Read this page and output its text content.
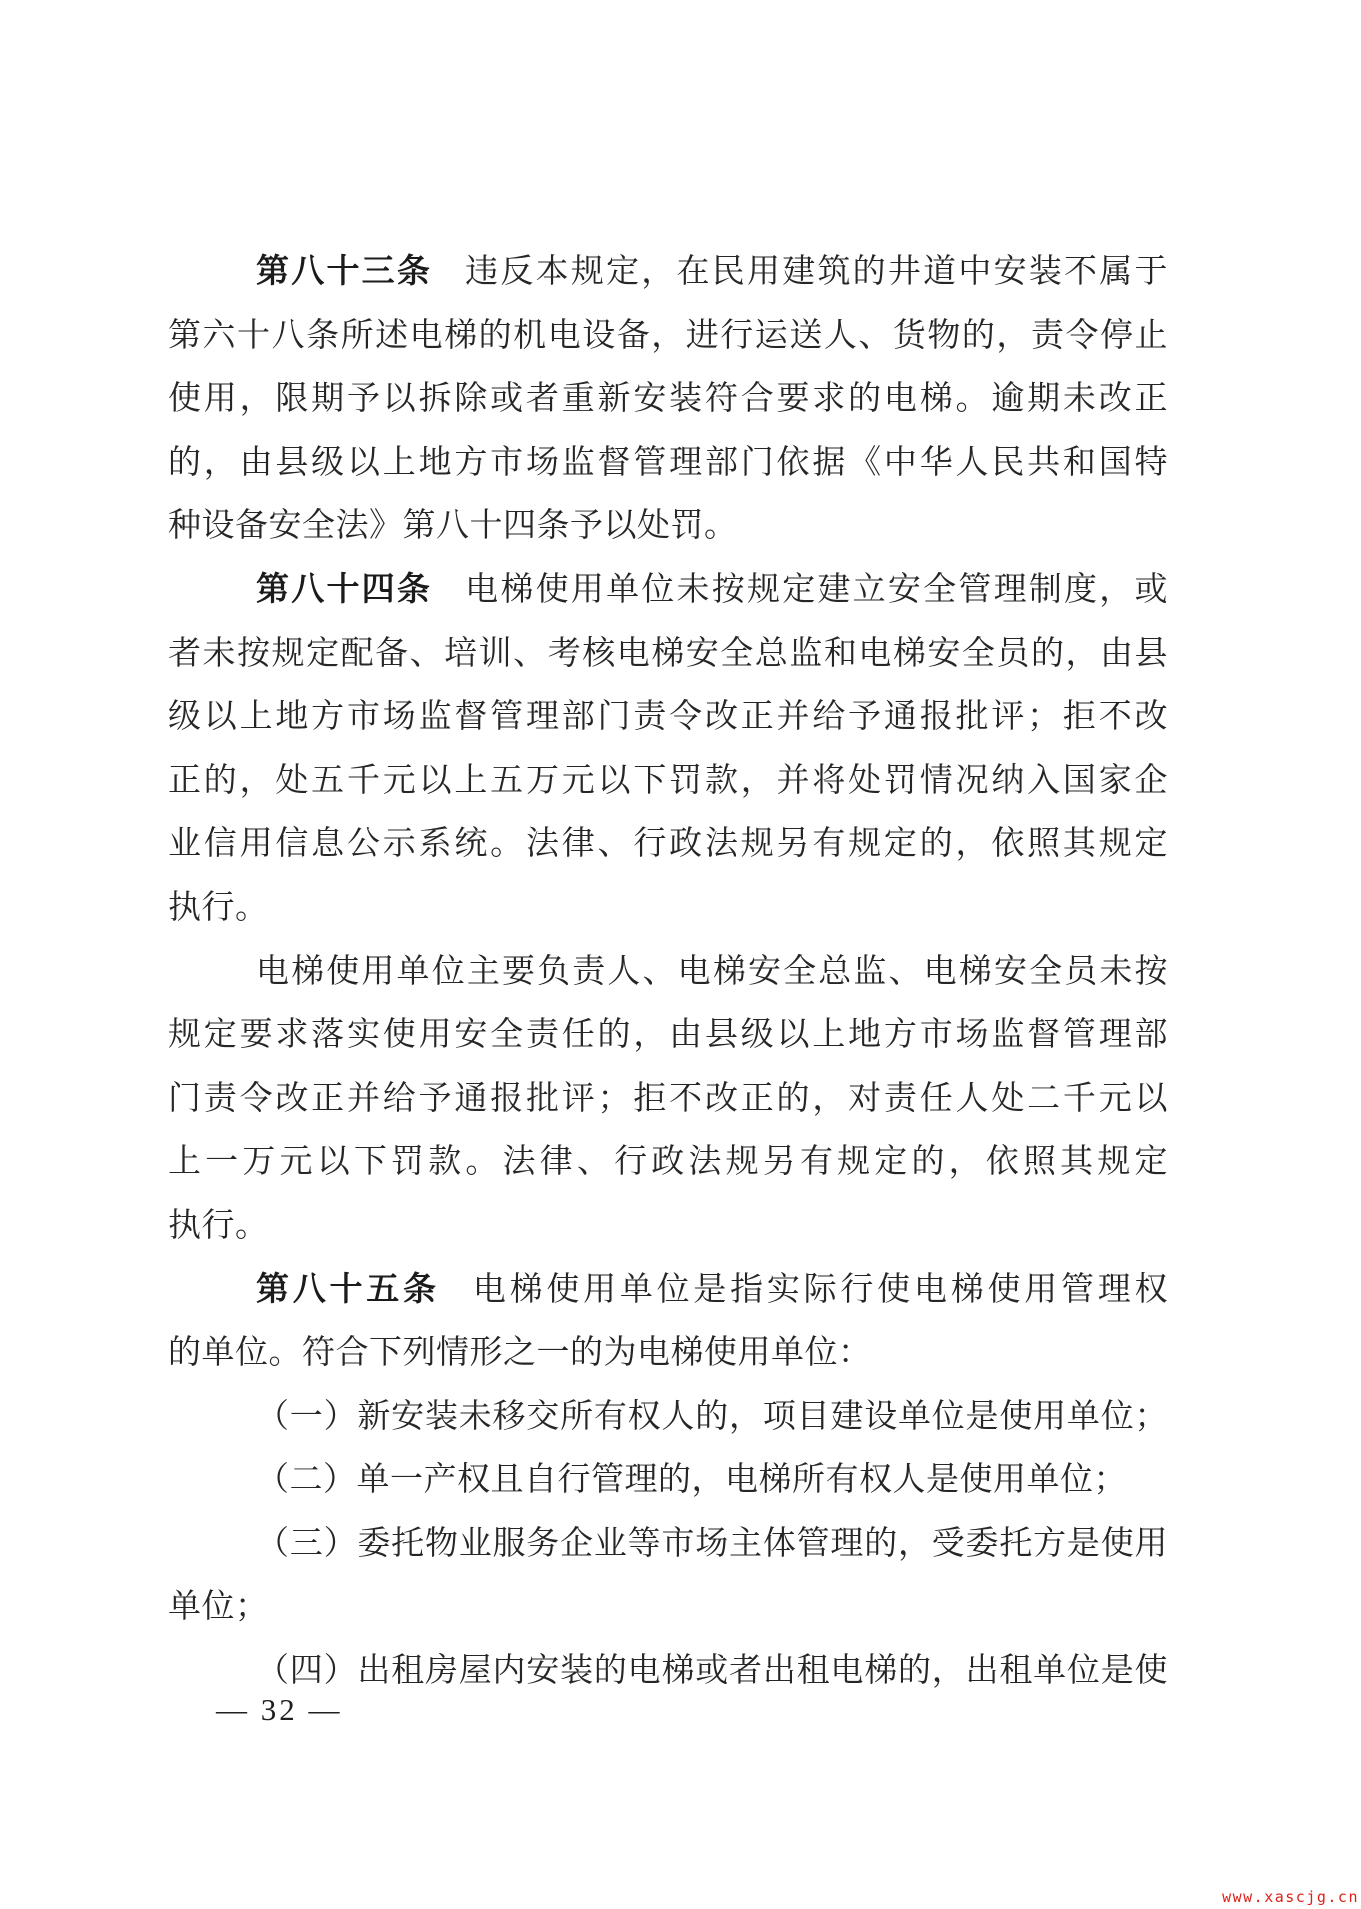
第八十三条 违反本规定，在民用建筑的井道中安装不属于
第六十八条所述电梯的机电设备，进行运送人、货物的，责令停止
使用，限期予以拆除或者重新安装符合要求的电梯。逾期未改正
的，由县级以上地方市场监督管理部门依据《中华人民共和国特
种设备安全法》第八十四条予以处罚。
第八十四条 电梯使用单位未按规定建立安全管理制度，或
者未按规定配备、培训、考核电梯安全总监和电梯安全员的，由县
级以上地方市场监督管理部门责令改正并给予通报批评；拒不改
正的，处五千元以上五万元以下罚款，并将处罚情况纳入国家企
业信用信息公示系统。法律、行政法规另有规定的，依照其规定
执行。
电梯使用单位主要负责人、电梯安全总监、电梯安全员未按
规定要求落实使用安全责任的，由县级以上地方市场监督管理部
门责令改正并给予通报批评；拒不改正的，对责任人处二千元以
上一万元以下罚款。法律、行政法规另有规定的，依照其规定
执行。
第八十五条 电梯使用单位是指实际行使电梯使用管理权
的单位。符合下列情形之一的为电梯使用单位：
（一）新安装未移交所有权人的，项目建设单位是使用单位；
（二）单一产权且自行管理的，电梯所有权人是使用单位；
（三）委托物业服务企业等市场主体管理的，受委托方是使用
单位；
（四）出租房屋内安装的电梯或者出租电梯的，出租单位是使
— 32 —
www.xascjg.cn
